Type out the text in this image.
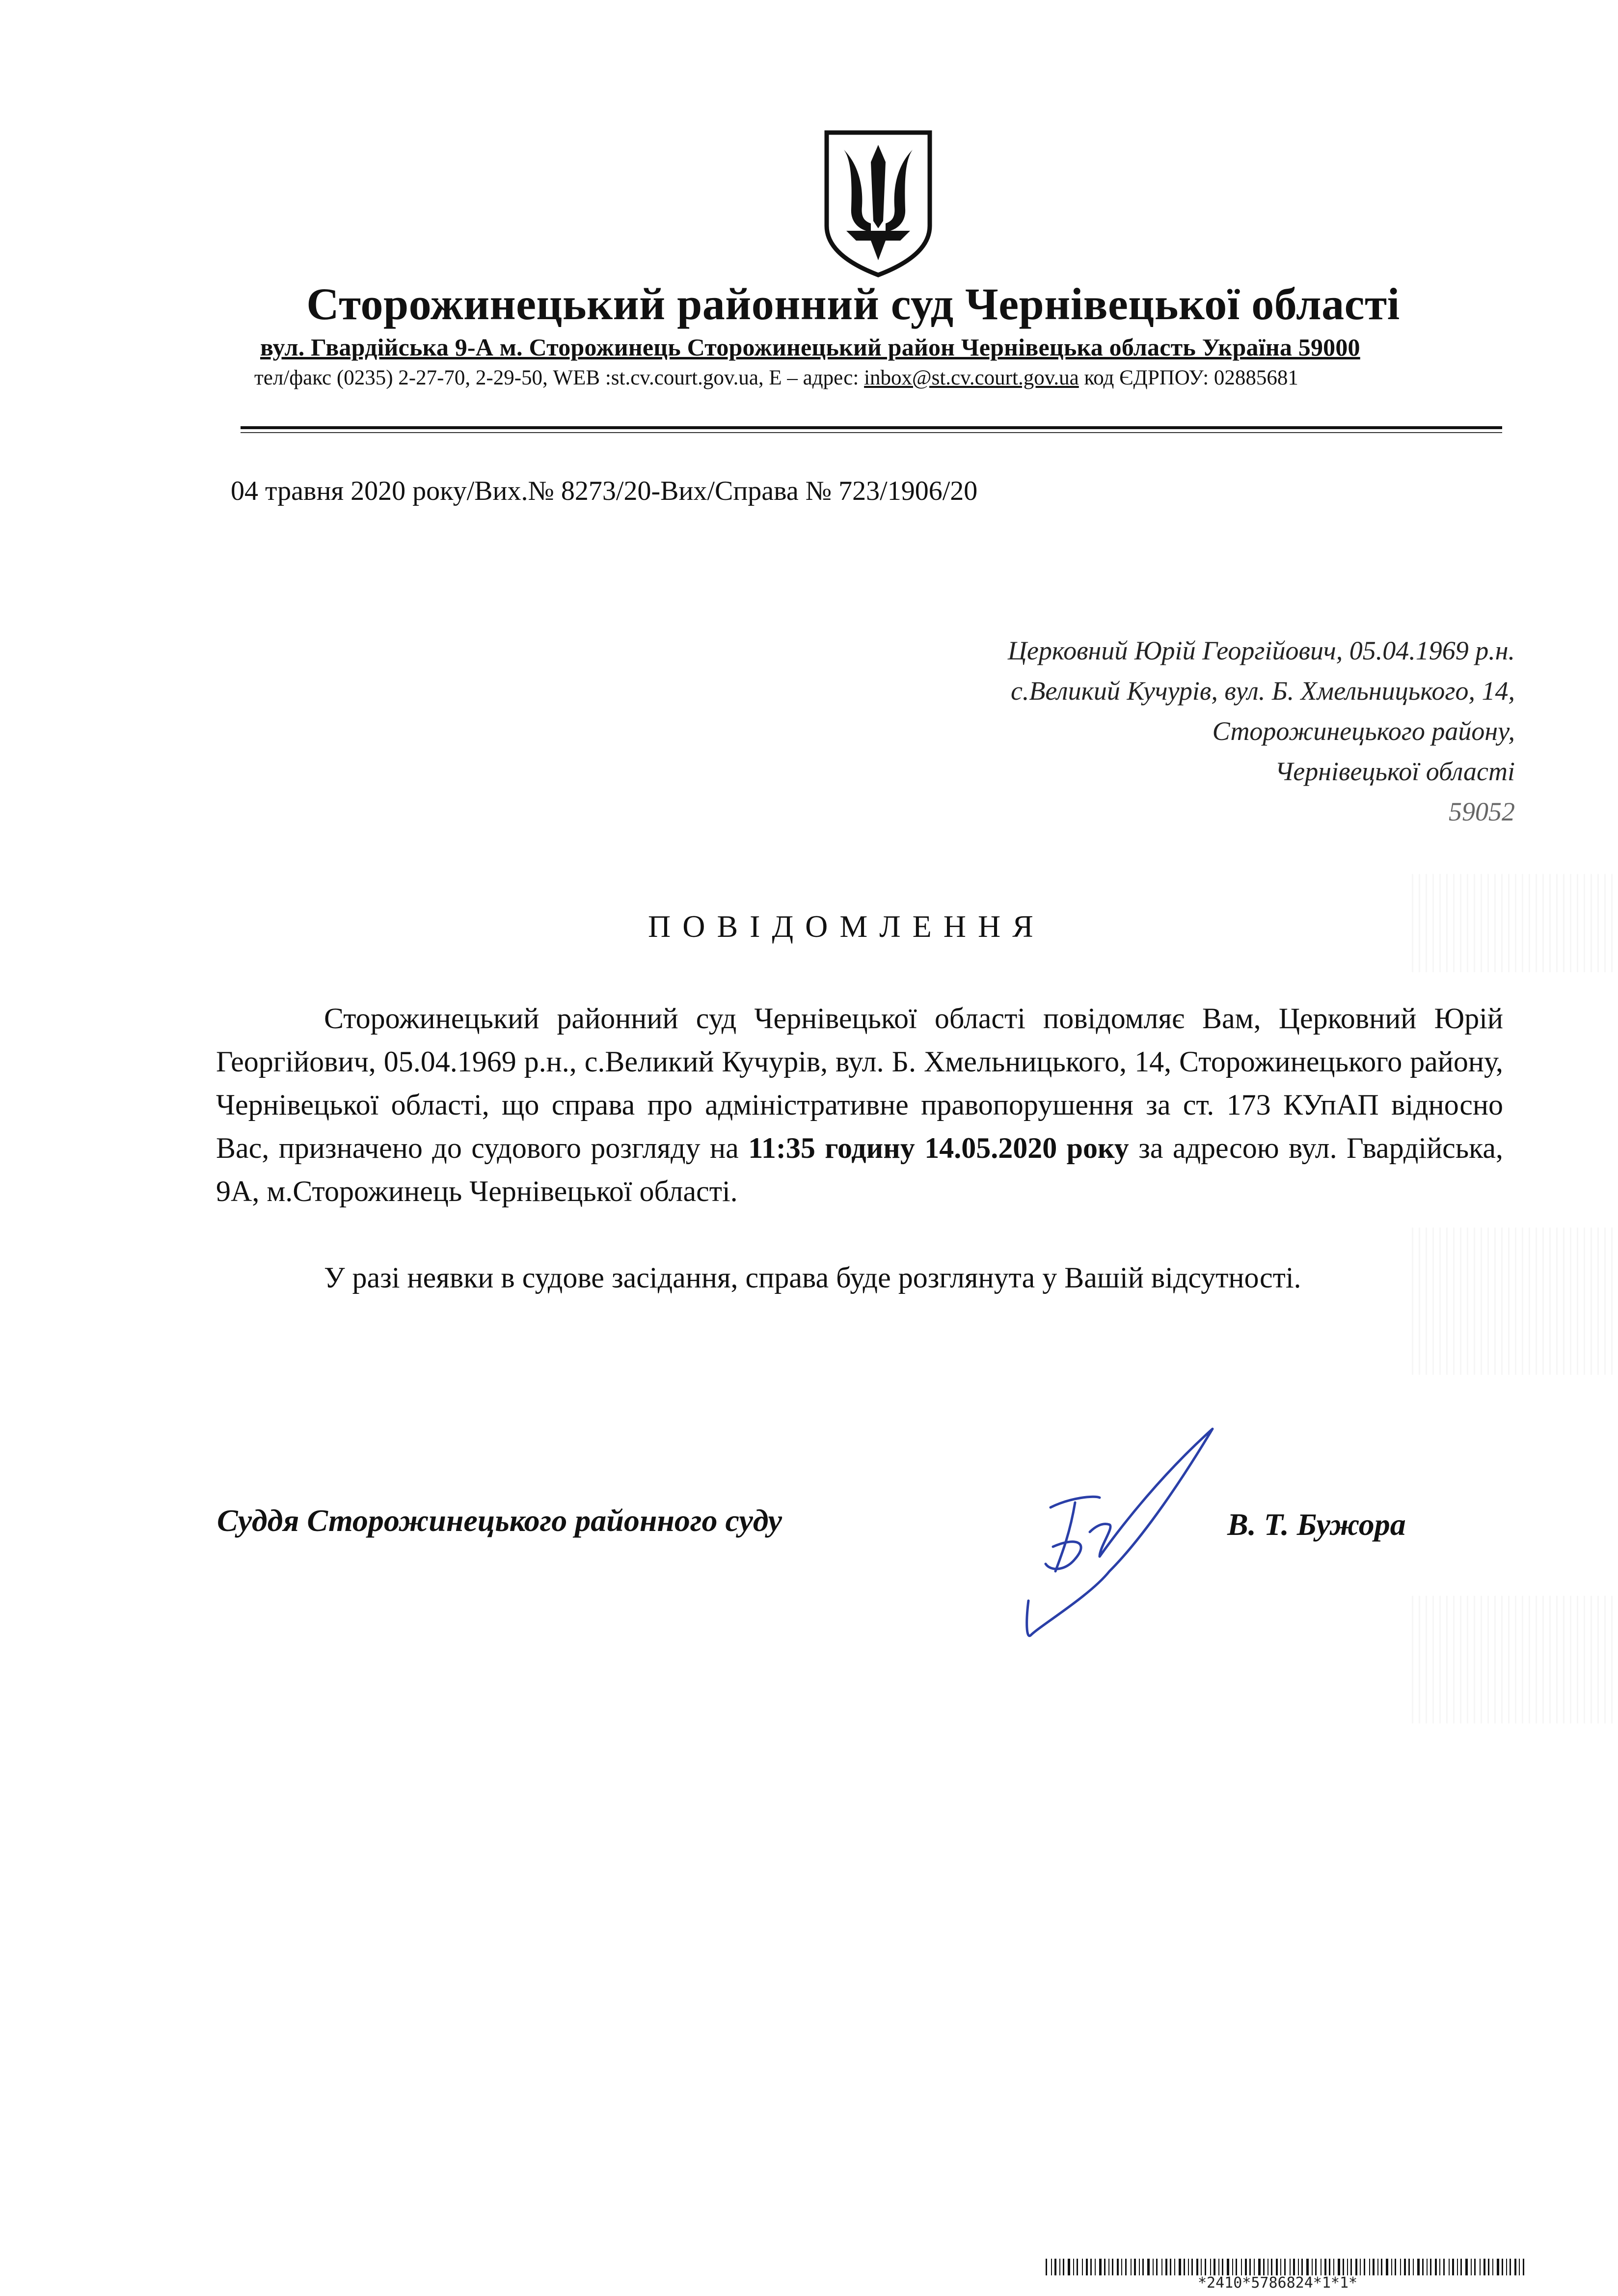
Сторожинецький районний суд Чернівецької області
вул. Гвардійська 9-А м. Сторожинець Сторожинецький район Чернівецька область Україна 59000
тел/факс (0235) 2-27-70, 2-29-50, WEB :st.cv.court.gov.ua, E – адрес: inbox@st.cv.court.gov.ua код ЄДРПОУ: 02885681
04 травня 2020 року/Вих.№ 8273/20-Вих/Справа № 723/1906/20
Церковний Юрій Георгійович, 05.04.1969 р.н.
с.Великий Кучурів, вул. Б. Хмельницького, 14,
Сторожинецького району,
Чернівецької області
59052
ПОВІДОМЛЕННЯ

Сторожинецький районний суд Чернівецької області повідомляє Вам, Церковний Юрій Георгійович, 05.04.1969 р.н., с.Великий Кучурів, вул. Б. Хмельницького, 14, Сторожинецького району, Чернівецької області, що справа про адміністративне правопорушення за ст. 173 КУпАП відносно Вас, призначено до судового розгляду на 11:35 годину 14.05.2020 року за адресою вул. Гвардійська, 9А, м.Сторожинець Чернівецької області.

У разі неявки в судове засідання, справа буде розглянута у Вашій відсутності.

Суддя Сторожинецького районного суду	В. Т. Бужора
*2410*5786824*1*1*
